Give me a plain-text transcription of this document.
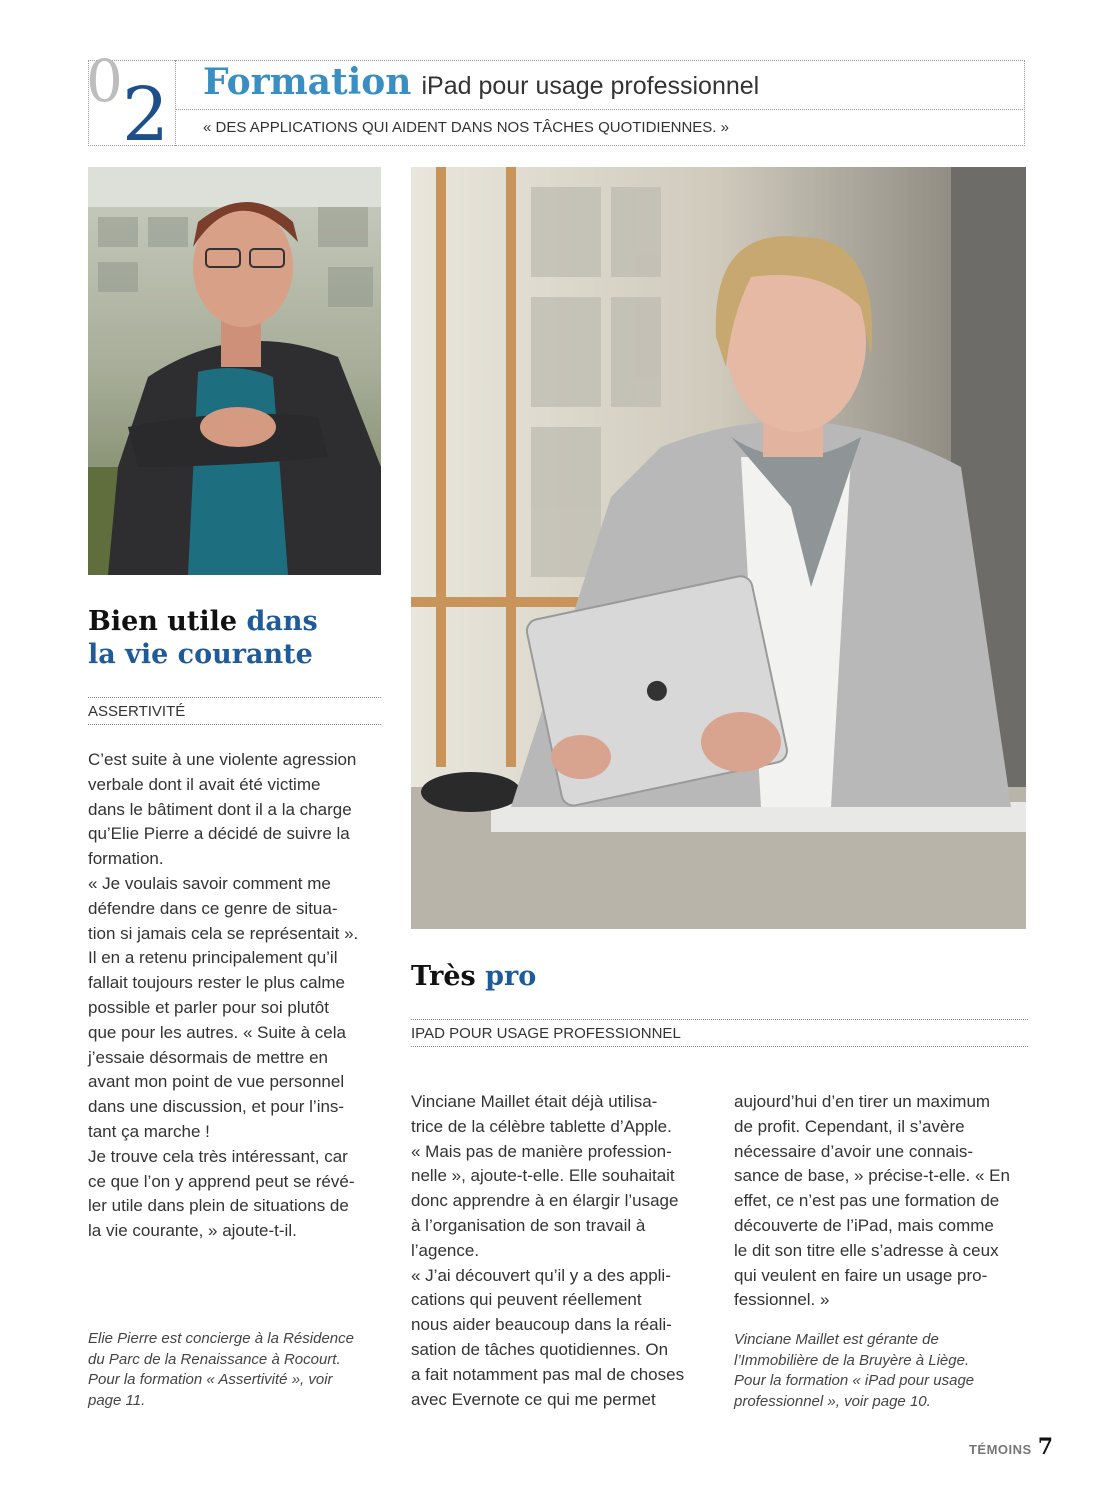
0 2 Formation iPad pour usage professionnel
« DES APPLICATIONS QUI AIDENT DANS NOS TÂCHES QUOTIDIENNES. »
Bien utile dans
la vie courante
ASSERTIVITÉ

C’est suite à une violente agression

verbale dont il avait été victime

dans le bâtiment dont il a la charge

qu’Elie Pierre a décidé de suivre la

formation.

« Je voulais savoir comment me

défendre dans ce genre de situa-

tion si jamais cela se représentait ».

Il en a retenu principalement qu’il

fallait toujours rester le plus calme

possible et parler pour soi plutôt

que pour les autres. « Suite à cela

j’essaie désormais de mettre en

avant mon point de vue personnel

dans une discussion, et pour l’ins-

tant ça marche !

Je trouve cela très intéressant, car

ce que l’on y apprend peut se révé-

ler utile dans plein de situations de

la vie courante, » ajoute-t-il.

Elie Pierre est concierge à la Résidence
du Parc de la Renaissance à Rocourt.
Pour la formation « Assertivité », voir
page 11.
Très pro
IPAD POUR USAGE PROFESSIONNEL

Vinciane Maillet était déjà utilisa-

trice de la célèbre tablette d’Apple.

« Mais pas de manière profession-

nelle », ajoute-t-elle. Elle souhaitait

donc apprendre à en élargir l’usage

à l’organisation de son travail à

l’agence.

« J’ai découvert qu’il y a des appli-

cations qui peuvent réellement

nous aider beaucoup dans la réali-

sation de tâches quotidiennes. On

a fait notamment pas mal de choses

avec Evernote ce qui me permet

aujourd’hui d’en tirer un maximum

de profit. Cependant, il s’avère

nécessaire d’avoir une connais-

sance de base, » précise-t-elle. « En

effet, ce n’est pas une formation de

découverte de l’iPad, mais comme

le dit son titre elle s’adresse à ceux

qui veulent en faire un usage pro-

fessionnel. »

Vinciane Maillet est gérante de
l’Immobilière de la Bruyère à Liège.
Pour la formation « iPad pour usage
professionnel », voir page 10.
TÉMOINS 7
